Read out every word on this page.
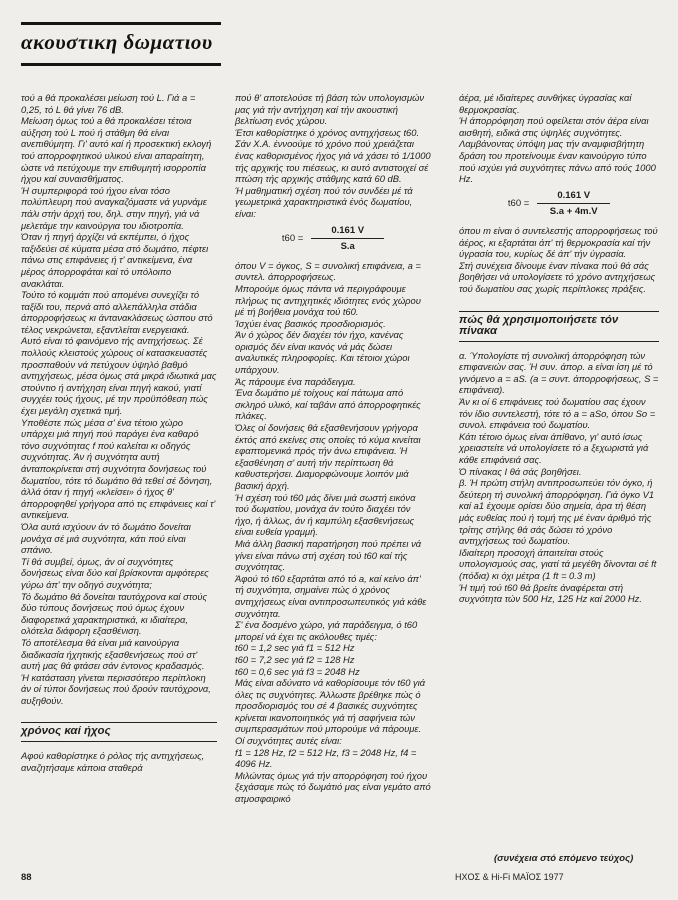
ακουστικη δωματιου

τού a θά προκαλέσει μείωση τού L. Γιά a = 0,25, τό L θά γίνει 76 dB.

Μείωση όμως τού a θά προκαλέσει τέτοια αύξηση τού L πού ή στάθμη θά είναι ανεπιθύμητη. Γι' αυτό καί ή προσεκτική εκλογή τού απορροφητικού υλικού είναι απαραίτητη, ώστε νά πετύχουμε την επιθυμητή ισορροπία ήχου καί συναισθήματος.

Ή συμπεριφορά τού ήχου είναι τόσο πολύπλευρη πού αναγκαζόμαστε νά γυρνάμε πάλι στήν άρχή του, δηλ. στην πηγή, γιά νά μελετάμε την καινούργια του ιδιοτροπία.

Όταν ή πηγή άρχίζει νά εκπέμπει, ό ήχος ταξιδεύει σέ κύματα μέσα στό δωμάτιο, πέφτει πάνω στις επιφάνειες ή τ' αντικείμενα, ένα μέρος άπορροφάται καί τό υπόλοιπο ανακλάται.

Τούτο τό κομμάτι πού απομένει συνεχίζει τό ταξίδι του, περνά από αλλεπάλληλα στάδια άπορροφήσεως κι άντανακλάσεως ώσπου στό τέλος νεκρώνεται, εξαντλείται ενεργειακά.

Αυτό είναι τό φαινόμενο τής αντηχήσεως. Σέ πολλούς κλειστούς χώρους οί κατασκευαστές προσπαθούν νά πετύχουν ύψηλό βαθμό αντηχήσεως, μέσα όμως στά μικρά ιδιωτικά μας στούντιο ή αντήχηση είναι πηγή κακού, γιατί συγχέει τούς ήχους, μέ την προϋπόθεση πώς έχει μεγάλη σχετικά τιμή.

Υποθέστε πώς μέσα σ' ένα τέτοιο χώρο υπάρχει μιά πηγή πού παράγει ένα καθαρό τόνο συχνότητας f πού καλείται κι οδηγός συχνότητας. Άν ή συχνότητα αυτή άνταποκρίνεται στή συχνότητα δονήσεως τού δωματίου, τότε τό δωμάτιο θά τεθεί σέ δόνηση, άλλά όταν ή πηγή «κλείσει» ό ήχος θ' άπορροφηθεί γρήγορα από τις επιφάνειες καί τ' αντικείμενα.

Όλα αυτά ισχύουν άν τό δωμάτιο δονείται μονάχα σέ μιά συχνότητα, κάτι πού είναι σπάνιο.

Τί θά συμβεί, όμως, άν οί συχνότητες δονήσεως είναι δύο καί βρίσκονται αμφότερες γύρω άπ' την οδηγό συχνότητα;

Τό δωμάτιο θά δονείται ταυτόχρονα καί στούς δύο τύπους δονήσεως πού όμως έχουν διαφορετικά χαρακτηριστικά, κι ιδιαίτερα, ολότελα διάφορη εξασθένιση.

Τό αποτέλεσμα θά είναι μιά καινούργια διαδικασία ήχητικής εξασθενήσεως πού στ' αυτή μας θά φτάσει σάν έντονος κραδασμός.

Ή κατάσταση γίνεται περισσότερο περίπλοκη άν οί τύποι δονήσεως πού δρούν ταυτόχρονα, αυξηθούν.

χρόνος καί ήχος

Αφού καθορίστηκε ό ρόλος τής αντηχήσεως, αναζητήσαμε κάποια σταθερά

πού θ' αποτελούσε τή βάση τών υπολογισμών μας γιά τήν αντήχηση καί τήν ακουστική βελτίωση ενός χώρου.

Έτσι καθορίστηκε ό χρόνος αντηχήσεως t60.

Σάν Χ.Α. έννοούμε τό χρόνο πού χρειάζεται ένας καθορισμένος ήχος γιά νά χάσει τό 1/1000 τής αρχικής του πιέσεως, κι αυτό αντιστοιχεί σέ πτώση τής αρχικής στάθμης κατά 60 dB.

Ή μαθηματική σχέση πού τόν συνδέει μέ τά γεωμετρικά χαρακτηριστικά ένός δωματίου, είναι:

$t60 = \frac{0.161 V}{S.a}$

όπου V = όγκος, S = συνολική επιφάνεια, a = συντελ. άπορροφήσεως.

Μπορούμε όμως πάντα νά περιγράφουμε πλήρως τις αντηχητικές ιδιότητες ενός χώρου μέ τή βοήθεια μονάχα τού t60.

Ίσχύει ένας βασικός προσδιορισμός.

Άν ό χώρος δέν διαχέει τόν ήχο, κανένας ορισμός δέν είναι ικανός νά μάς δώσει αναλυτικές πληροφορίες. Και τέτοιοι χώροι υπάρχουν.

Άς πάρουμε ένα παράδειγμα.

Ένα δωμάτιο μέ τοίχους καί πάτωμα από σκληρό υλικό, καί ταβάνι από άπορροφητικές πλάκες.

Όλες οί δονήσεις θά εξασθενήσουν γρήγορα έκτός από εκείνες στις οποίες τό κύμα κινείται εφαπτομενικά πρός τήν άνω επιφάνεια. Ή εξασθένηση σ' αυτή τήν περίπτωση θά καθυστερήσει. Διαμορφώνουμε λοιπόν μιά βασική άρχή.

Ή σχέση τού t60 μάς δίνει μιά σωστή εικόνα τού δωματίου, μονάχα άν τούτο διαχέει τόν ήχο, ή άλλως, άν ή καμπύλη εξασθενήσεως είναι ευθεία γραμμή.

Μιά άλλη βασική παρατήρηση πού πρέπει νά γίνει είναι πάνω στή σχέση τού t60 καί τής συχνότητας.

Άφού τό t60 εξαρτάται από τό a, καί κείνο άπ' τή συχνότητα, σημαίνει πώς ό χρόνος αντηχήσεως είναι αντιπροσωπευτικός γιά κάθε συχνότητα.

Σ' ένα δοσμένο χώρο, γιά παράδειγμα, ό t60 μπορεί νά έχει τις ακόλουθες τιμές:

t60 = 1,2 sec γιά f1 = 512 Hz

t60 = 7,2 sec γιά f2 = 128 Hz

t60 = 0,6 sec γιά f3 = 2048 Hz

Μάς είναι αδύνατο νά καθορίσουμε τόν t60 γιά όλες τις συχνότητες. Άλλωστε βρέθηκε πώς ό προσδιορισμός του σέ 4 βασικές συχνότητες κρίνεται ικανοποιητικός γιά τή σαφήνεια τών συμπερασμάτων πού μπορούμε νά πάρουμε. Οί συχνότητες αυτές είναι:

f1 = 128 Hz, f2 = 512 Hz, f3 = 2048 Hz, f4 = 4096 Hz.

Μιλώντας όμως γιά τήν απορρόφηση τού ήχου ξεχάσαμε πώς τό δωμάτιό μας είναι γεμάτο από ατμοσφαιρικό

άέρα, μέ ιδιαίτερες συνθήκες ύγρασίας καί θερμοκρασίας.

Ή άπορρόφηση πού οφείλεται στόν άέρα είναι αισθητή, ειδικά στις ύψηλές συχνότητες.

Λαμβάνοντας ύπόψη μας τήν αναμφισβήτητη δράση του προτείνουμε έναν καινούργιο τύπο πού ισχύει γιά συχνότητες πάνω από τούς 1000 Hz.

$t60 = \frac{0.161 V}{S.a + 4m.V}$

όπου m είναι ό συντελεστής απορροφήσεως τού άέρος, κι εξαρτάται άπ' τή θερμοκρασία καί τήν ύγρασία του, κυρίως δέ άπ' τήν ύγρασία.

Στή συνέχεια δίνουμε έναν πίνακα πού θά σάς βοηθήσει νά υπολογίσετε τό χρόνο αντηχήσεως τού δωματίου σας χωρίς περίπλοκες πράξεις.

πώς θά χρησιμοποιήσετε τόν πίνακα

α. Ύπολογίστε τή συνολική άπορρόφηση τών επιφανειών σας. Ή συν. άπορ. a είναι ίση μέ τό γινόμενο a = aS. (a = συντ. άπορροφήσεως, S = επιφάνεια).

Άν κι οί 6 επιφάνειες τού δωματίου σας έχουν τόν ίδιο συντελεστή, τότε τό a = aSo, όπου So = συνολ. επιφάνεια τού δωματίου.

Κάτι τέτοιο όμως είναι άπίθανο, γι' αυτό ίσως χρειαστείτε νά υπολογίσετε τό a ξεχωριστά γιά κάθε επιφάνειά σας.

Ό πίνακας Ι θά σάς βοηθήσει.

β. Ή πρώτη στήλη αντιπροσωπεύει τόν όγκο, ή δεύτερη τή συνολική άπορρόφηση. Γιά όγκο V1 καί a1 έχουμε ορίσει δύο σημεία, άρα τή θέση μάς ευθείας πού ή τομή της μέ έναν άριθμό τής τρίτης στήλης θά σάς δώσει τό χρόνο αντηχήσεως τού δωματίου.

Ιδιαίτερη προσοχή άπαιτείται στούς υπολογισμούς σας, γιατί τά μεγέθη δίνονται σέ ft (πόδια) κι όχι μέτρα (1 ft = 0.3 m)

Ή τιμή τού t60 θά βρείτε άναφέρεται στή συχνότητα τών 500 Hz, 125 Hz καί 2000 Hz.

(συνέχεια στό επόμενο τεύχος)
88	ΗΧΟΣ & Hi-Fi ΜΑΪΟΣ 1977
